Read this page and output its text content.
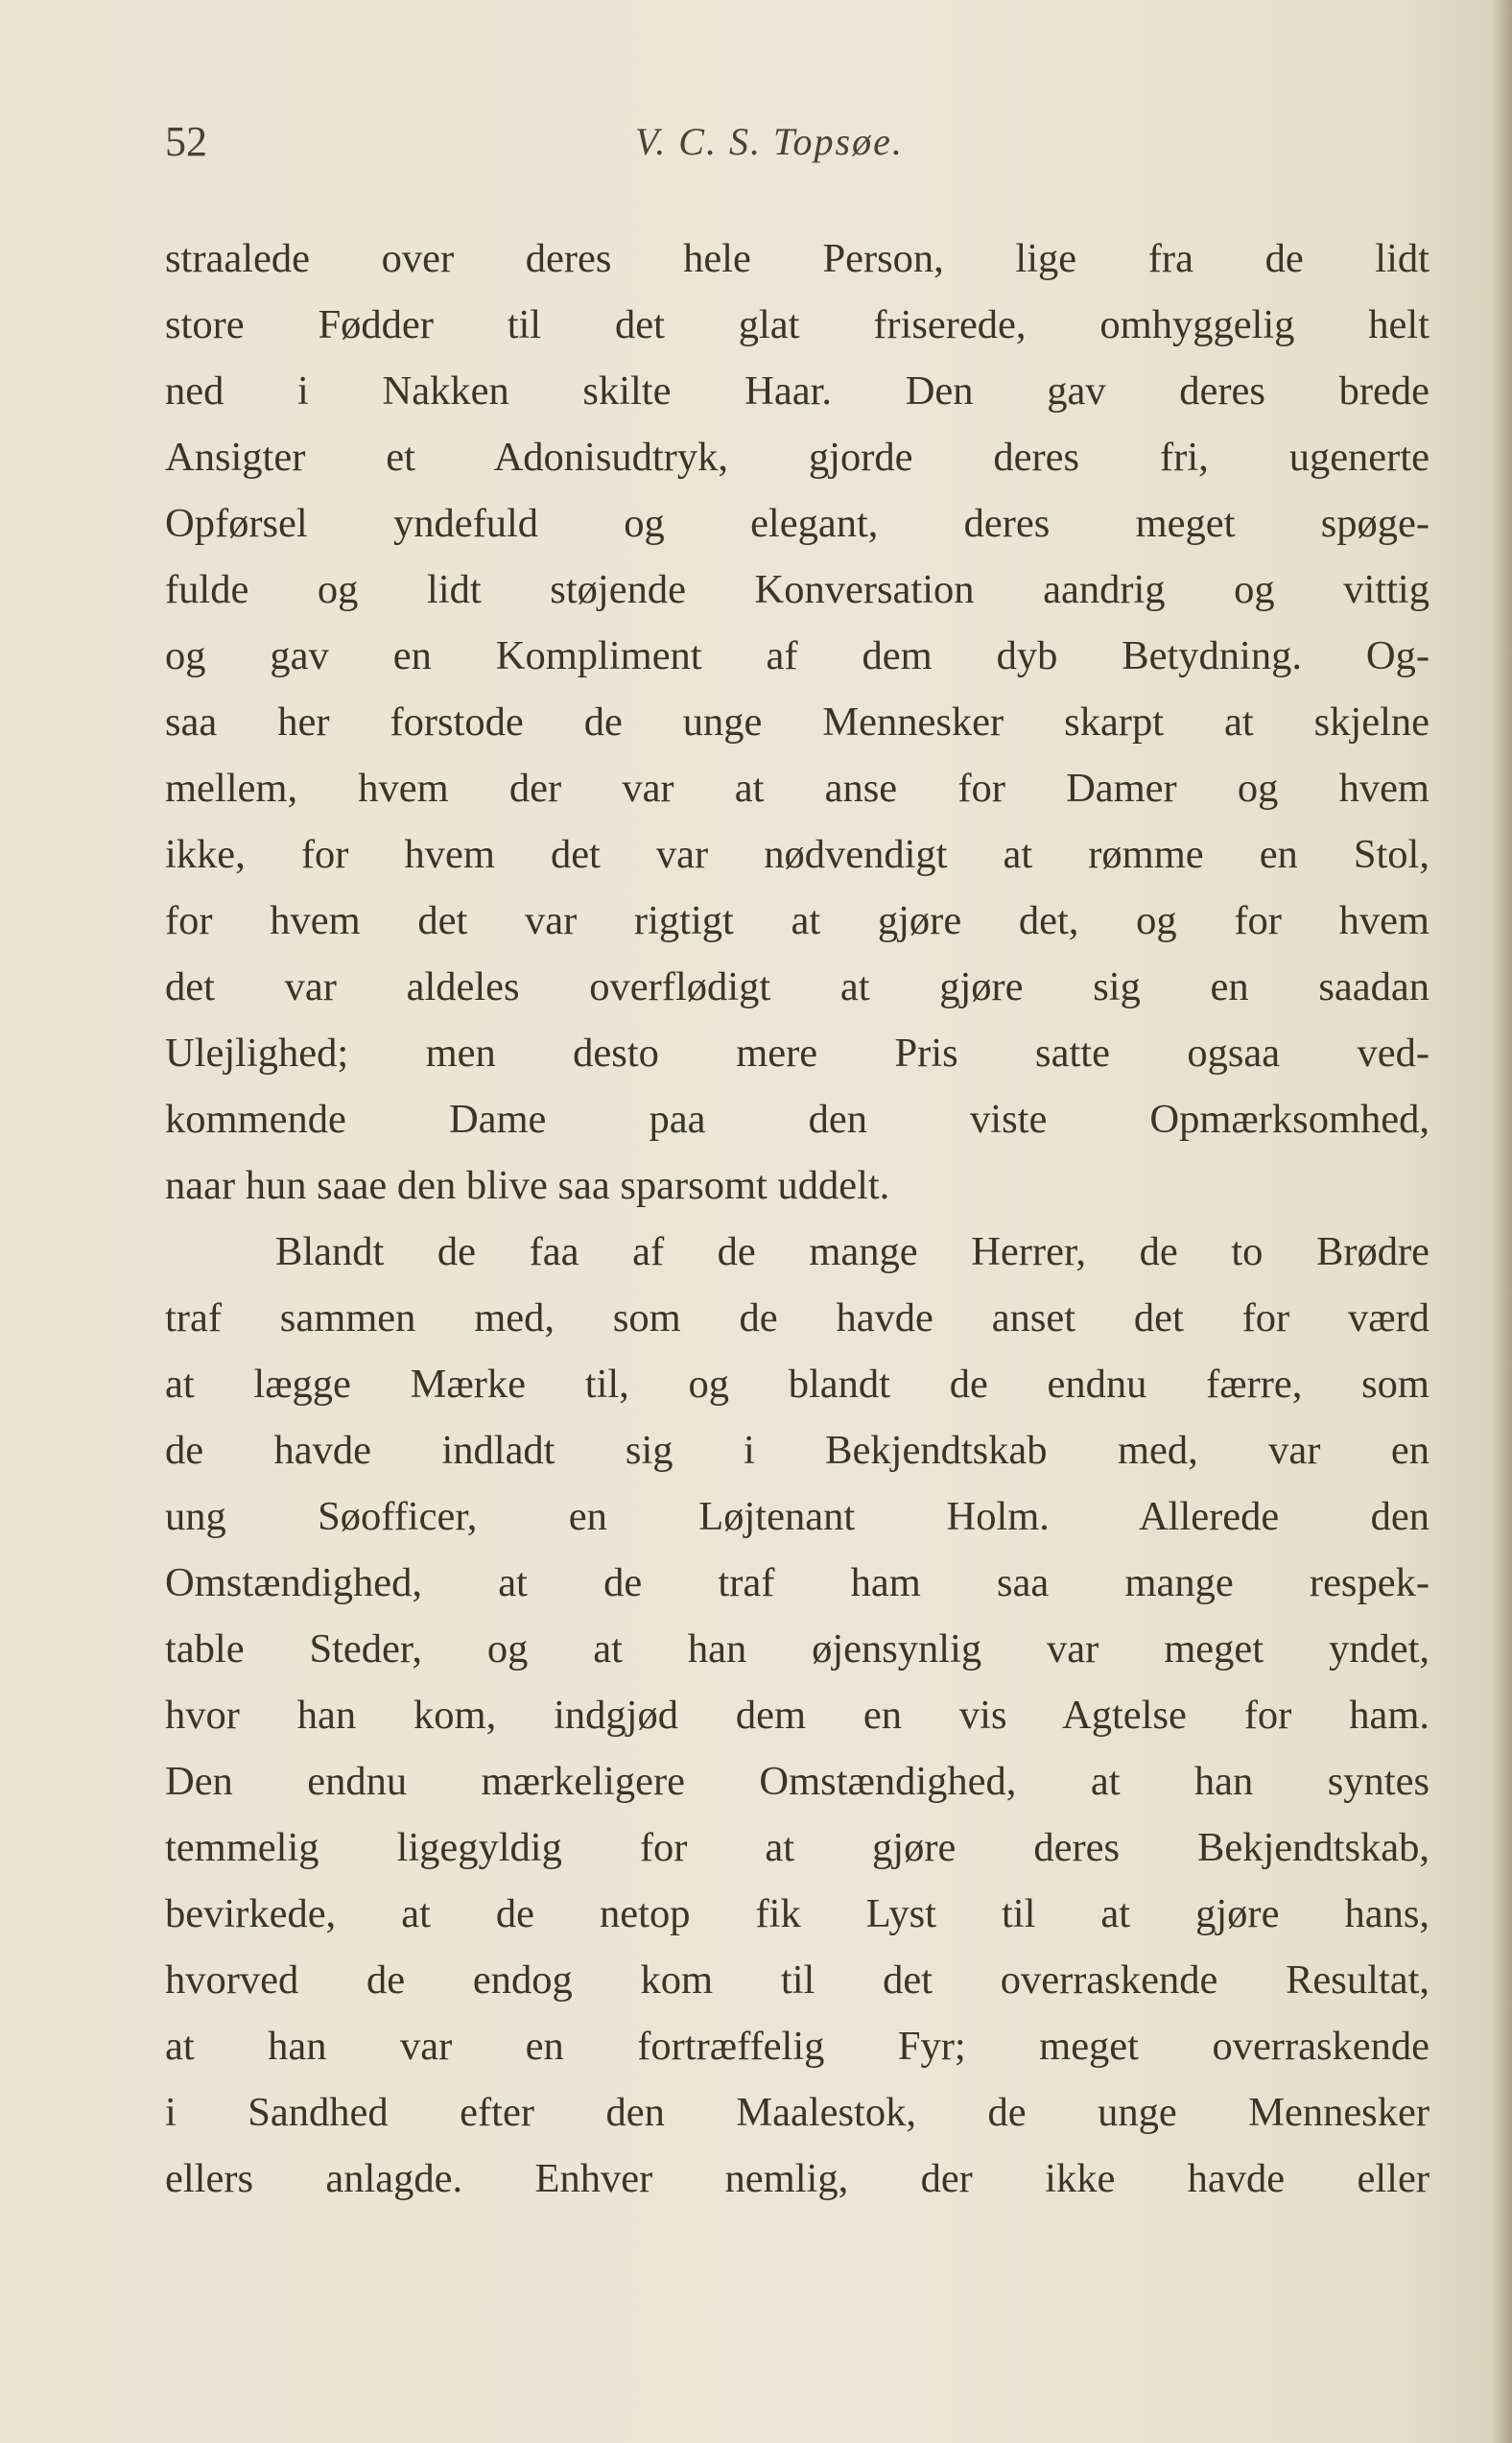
52	V. C. S. Topsøe.
straalede over deres hele Person, lige fra de lidt
store Fødder til det glat friserede, omhyggelig helt
ned i Nakken skilte Haar. Den gav deres brede
Ansigter et Adonisudtryk, gjorde deres fri, ugenerte
Opførsel yndefuld og elegant, deres meget spøge-
fulde og lidt støjende Konversation aandrig og vittig
og gav en Kompliment af dem dyb Betydning. Og-
saa her forstode de unge Mennesker skarpt at skjelne
mellem, hvem der var at anse for Damer og hvem
ikke, for hvem det var nødvendigt at rømme en Stol,
for hvem det var rigtigt at gjøre det, og for hvem
det var aldeles overflødigt at gjøre sig en saadan
Ulejlighed; men desto mere Pris satte ogsaa ved-
kommende Dame paa den viste Opmærksomhed,
naar hun saae den blive saa sparsomt uddelt.
Blandt de faa af de mange Herrer, de to Brødre
traf sammen med, som de havde anset det for værd
at lægge Mærke til, og blandt de endnu færre, som
de havde indladt sig i Bekjendtskab med, var en
ung Søofficer, en Løjtenant Holm. Allerede den
Omstændighed, at de traf ham saa mange respek-
table Steder, og at han øjensynlig var meget yndet,
hvor han kom, indgjød dem en vis Agtelse for ham.
Den endnu mærkeligere Omstændighed, at han syntes
temmelig ligegyldig for at gjøre deres Bekjendtskab,
bevirkede, at de netop fik Lyst til at gjøre hans,
hvorved de endog kom til det overraskende Resultat,
at han var en fortræffelig Fyr; meget overraskende
i Sandhed efter den Maalestok, de unge Mennesker
ellers anlagde. Enhver nemlig, der ikke havde eller
